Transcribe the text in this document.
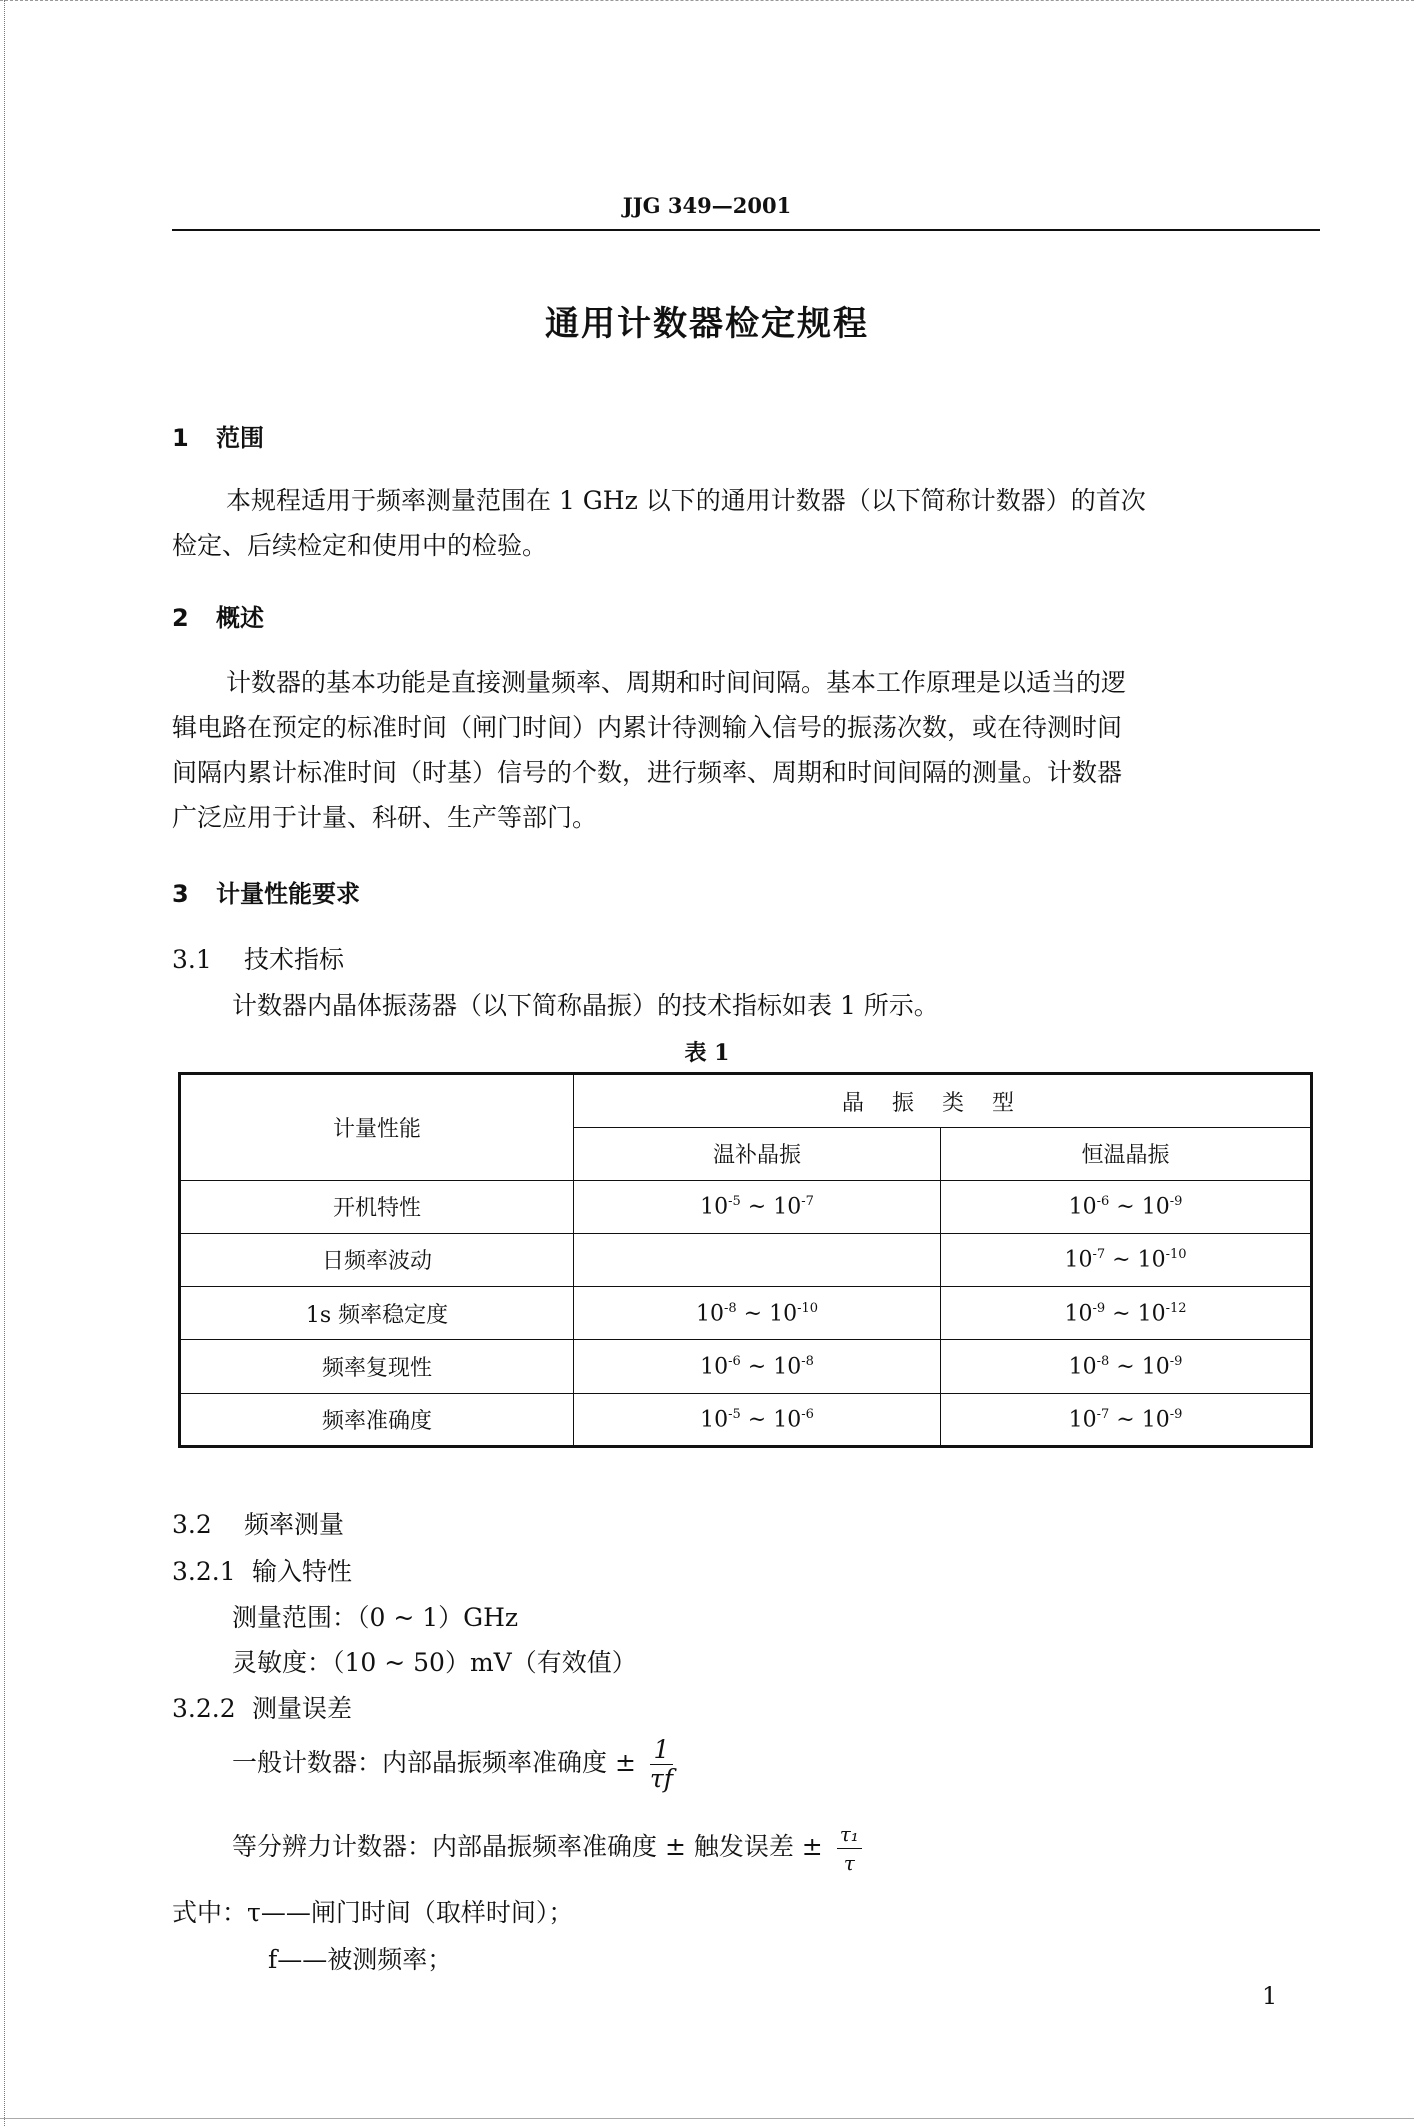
JJG 349—2001
通用计数器检定规程
1 范围
本规程适用于频率测量范围在 1 GHz 以下的通用计数器（以下简称计数器）的首次
检定、后续检定和使用中的检验。
2 概述
计数器的基本功能是直接测量频率、周期和时间间隔。基本工作原理是以适当的逻
辑电路在预定的标准时间（闸门时间）内累计待测输入信号的振荡次数，或在待测时间
间隔内累计标准时间（时基）信号的个数，进行频率、周期和时间间隔的测量。计数器
广泛应用于计量、科研、生产等部门。
3 计量性能要求
3.1 技术指标
计数器内晶体振荡器（以下简称晶振）的技术指标如表 1 所示。
表 1
计量性能	晶振类型	
	温补晶振	恒温晶振
开机特性	$10^{-5}$ ~ $10^{-7}$	$10^{-6}$ ~ $10^{-9}$
日频率波动		$10^{-7}$ ~ $10^{-10}$
1s 频率稳定度	$10^{-8}$ ~ $10^{-10}$	$10^{-9}$ ~ $10^{-12}$
频率复现性	$10^{-6}$ ~ $10^{-8}$	$10^{-8}$ ~ $10^{-9}$
频率准确度	$10^{-5}$ ~ $10^{-6}$	$10^{-7}$ ~ $10^{-9}$
3.2 频率测量
3.2.1 输入特性
测量范围：（0 ~ 1）GHz
灵敏度：（10 ~ 50）mV（有效值）
3.2.2 测量误差
一般计数器：内部晶振频率准确度 ± $\frac{1}{\tau f}$
等分辨力计数器：内部晶振频率准确度 ± 触发误差 ± $\frac{\text{τ₁}}{\tau}$
式中：τ——闸门时间（取样时间）；
f——被测频率；
1
